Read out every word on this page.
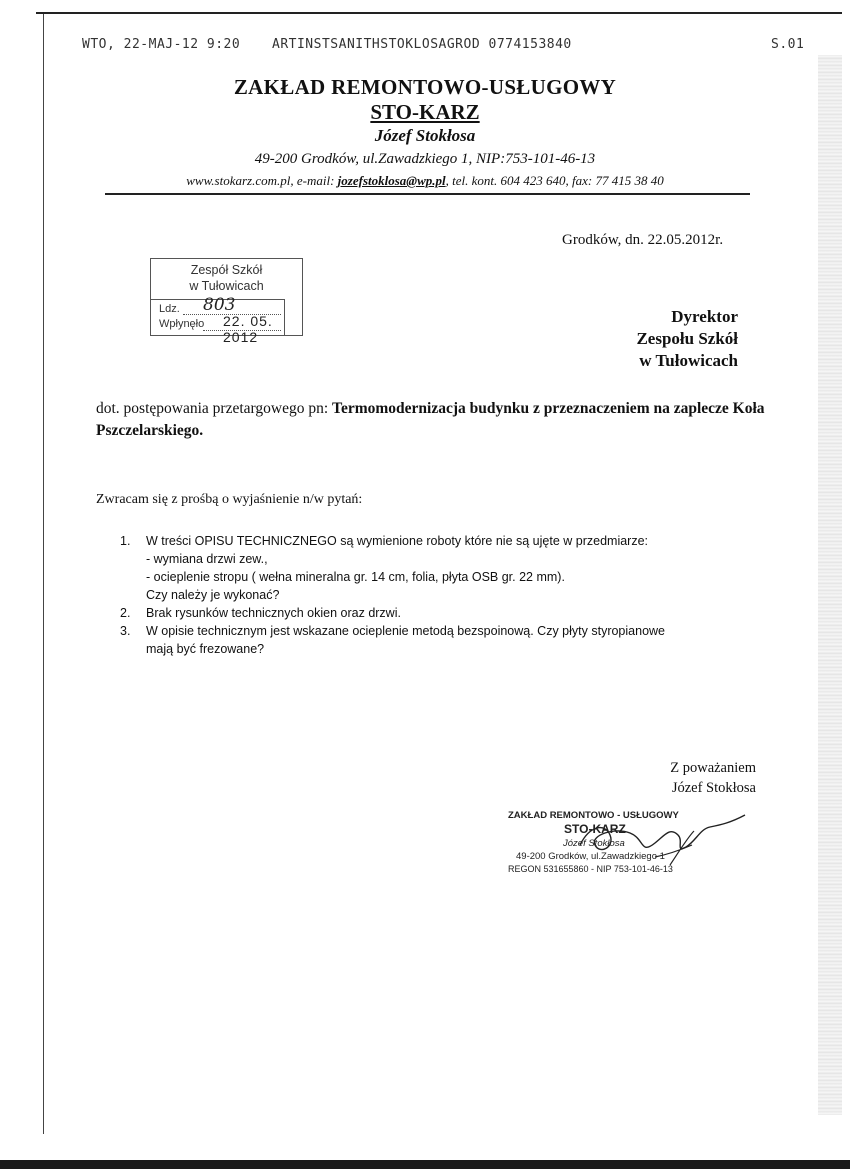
WTO, 22-MAJ-12 9:20 ARTINSTSANITHSTOKLOSAGROD 0774153840	S.01
ZAKŁAD REMONTOWO-USŁUGOWY
STO-KARZ
Józef Stokłosa
49-200 Grodków, ul.Zawadzkiego 1, NIP:753-101-46-13
www.stokarz.com.pl, e-mail: jozefstoklosa@wp.pl, tel. kont. 604 423 640, fax: 77 415 38 40
Grodków, dn. 22.05.2012r.
Zespół Szkół
w Tułowicach
Ldz. 803
Wpłynęło 22. 05. 2012
Dyrektor
Zespołu Szkół
w Tułowicach
dot. postępowania przetargowego pn: Termomodernizacja budynku z przeznaczeniem na zaplecze Koła Pszczelarskiego.
Zwracam się z prośbą o wyjaśnienie n/w pytań:
1. W treści OPISU TECHNICZNEGO są wymienione roboty które nie są ujęte w przedmiarze:
- wymiana drzwi zew.,
- ocieplenie stropu ( wełna mineralna gr. 14 cm, folia, płyta OSB gr. 22 mm).
Czy należy je wykonać?
2. Brak rysunków technicznych okien oraz drzwi.
3. W opisie technicznym jest wskazane ocieplenie metodą bezspoinową. Czy płyty styropianowe
mają być frezowane?
Z poważaniem
Józef Stokłosa
ZAKŁAD REMONTOWO - USŁUGOWY
STO-KARZ
Józef Stokłosa
49-200 Grodków, ul.Zawadzkiego 1
REGON 531655860 - NIP 753-101-46-13
